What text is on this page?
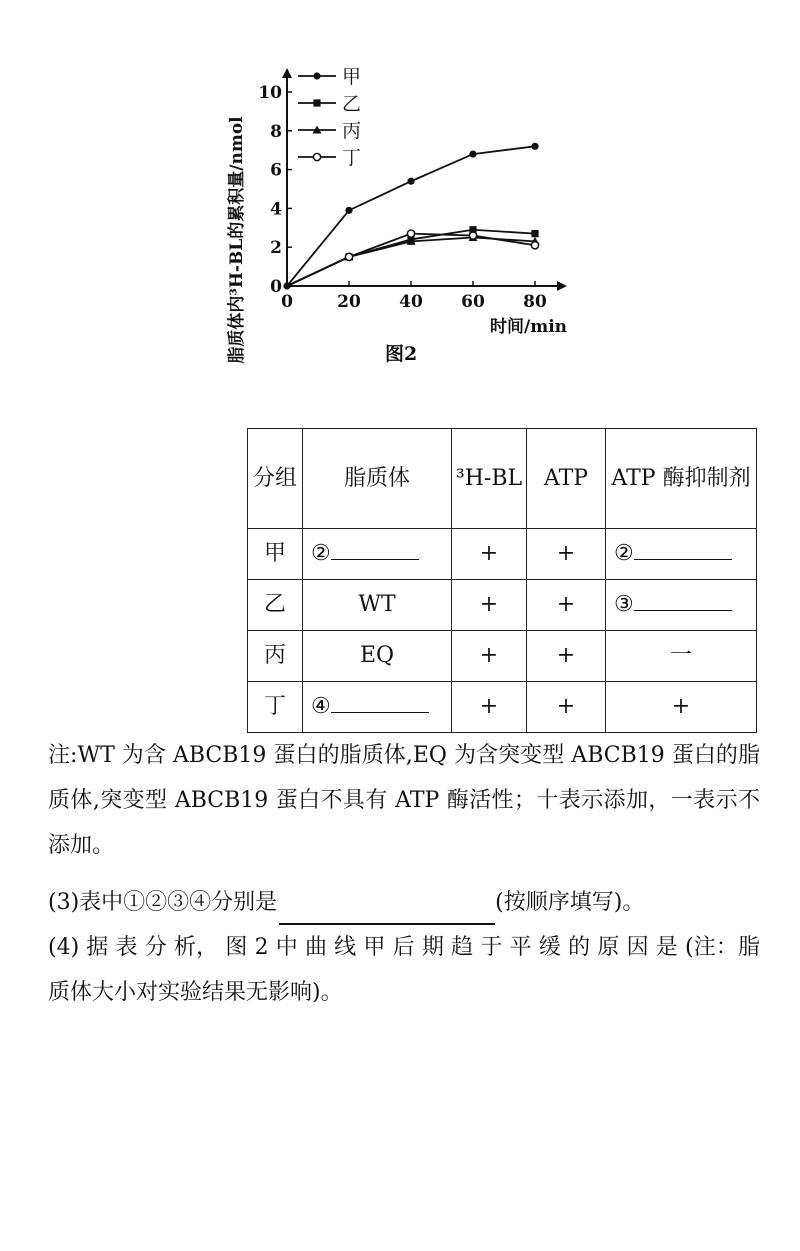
0	20 40 60 80
0
2
4
6
8
10
甲
乙
丙
丁
脂质体内³H-BL的累积量/nmol	时间/min
图2
分组	脂质体	³H-BL	ATP	ATP 酶抑制剂
甲	②	+	+	②
乙	WT	+	+	③
丙	EQ	+	+	一
丁	④	+	+	+

注:WT 为含 ABCB19 蛋白的脂质体,EQ 为含突变型 ABCB19 蛋白的脂质体,突变型 ABCB19 蛋白不具有 ATP 酶活性；十表示添加，一表示不添加。

(3)表中①②③④分别是	(按顺序填写)。

(4) 据 表 分 析， 图 2 中 曲 线 甲 后 期 趋 于 平 缓 的 原 因 是 (注：脂质体大小对实验结果无影响)。
